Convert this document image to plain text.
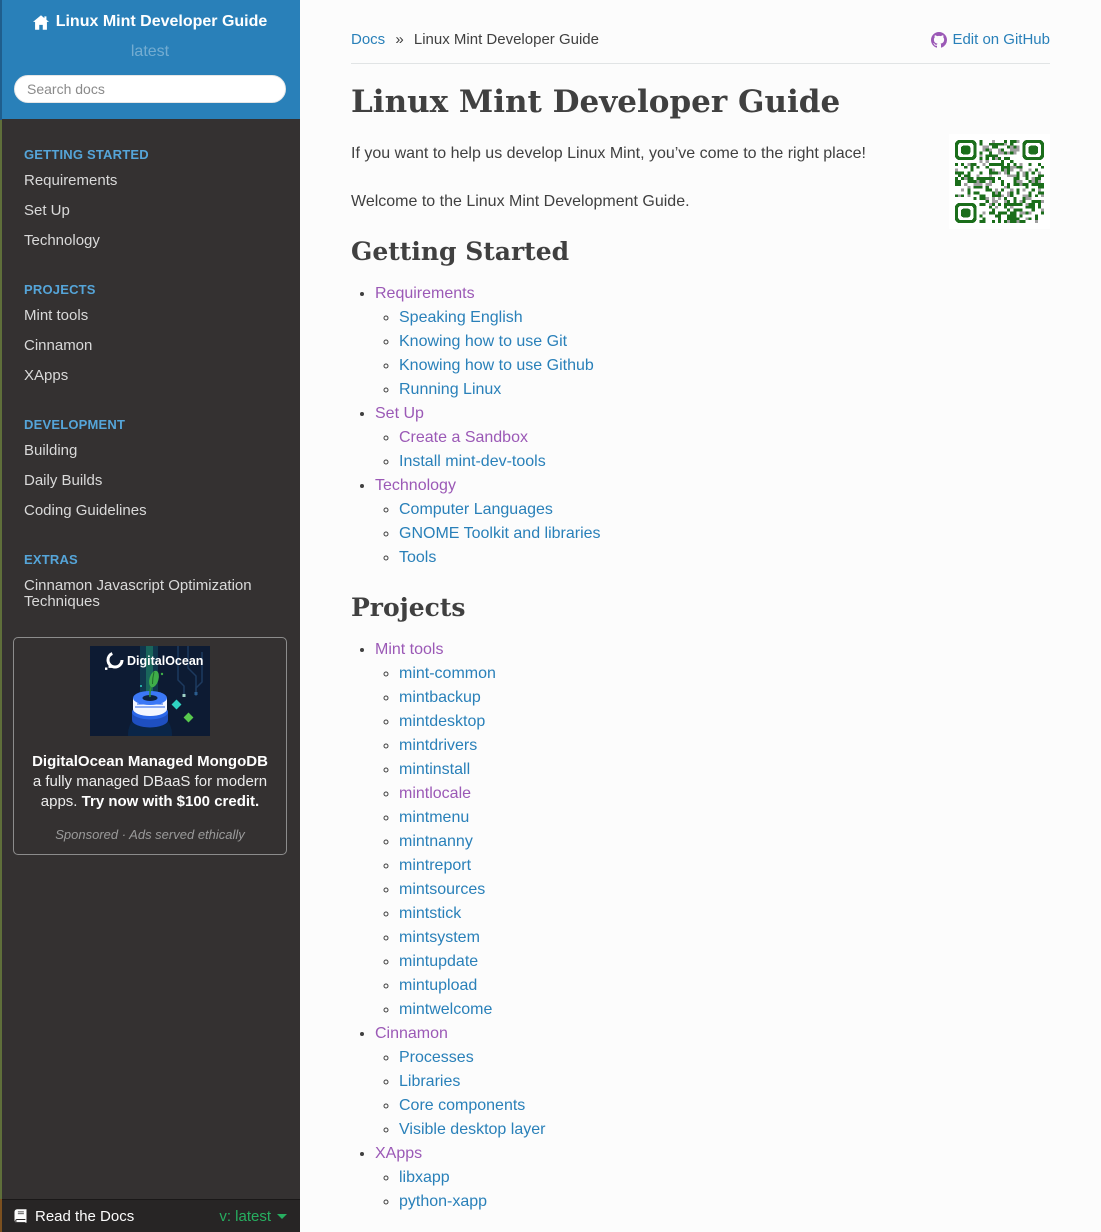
Linux Mint Developer Guide
latest
Search docs

GETTING STARTED

Requirements
Set Up
Technology

PROJECTS

Mint tools
Cinnamon
XApps

DEVELOPMENT

Building
Daily Builds
Coding Guidelines

EXTRAS

Cinnamon Javascript Optimization Techniques
DigitalOcean
DigitalOcean Managed MongoDB a fully managed DBaaS for modern apps. Try now with $100 credit.
Sponsored · Ads served ethically
Read the Docs	v: latest
Edit on GitHub
Docs » Linux Mint Developer Guide
Linux Mint Developer Guide

If you want to help us develop Linux Mint, you’ve come to the right place!

Welcome to the Linux Mint Development Guide.

Getting Started
• Requirements
◦ Speaking English
◦ Knowing how to use Git
◦ Knowing how to use Github
◦ Running Linux
• Set Up
◦ Create a Sandbox
◦ Install mint-dev-tools
• Technology
◦ Computer Languages
◦ GNOME Toolkit and libraries
◦ Tools
Projects
• Mint tools
◦ mint-common
◦ mintbackup
◦ mintdesktop
◦ mintdrivers
◦ mintinstall
◦ mintlocale
◦ mintmenu
◦ mintnanny
◦ mintreport
◦ mintsources
◦ mintstick
◦ mintsystem
◦ mintupdate
◦ mintupload
◦ mintwelcome
• Cinnamon
◦ Processes
◦ Libraries
◦ Core components
◦ Visible desktop layer
• XApps
◦ libxapp
◦ python-xapp
